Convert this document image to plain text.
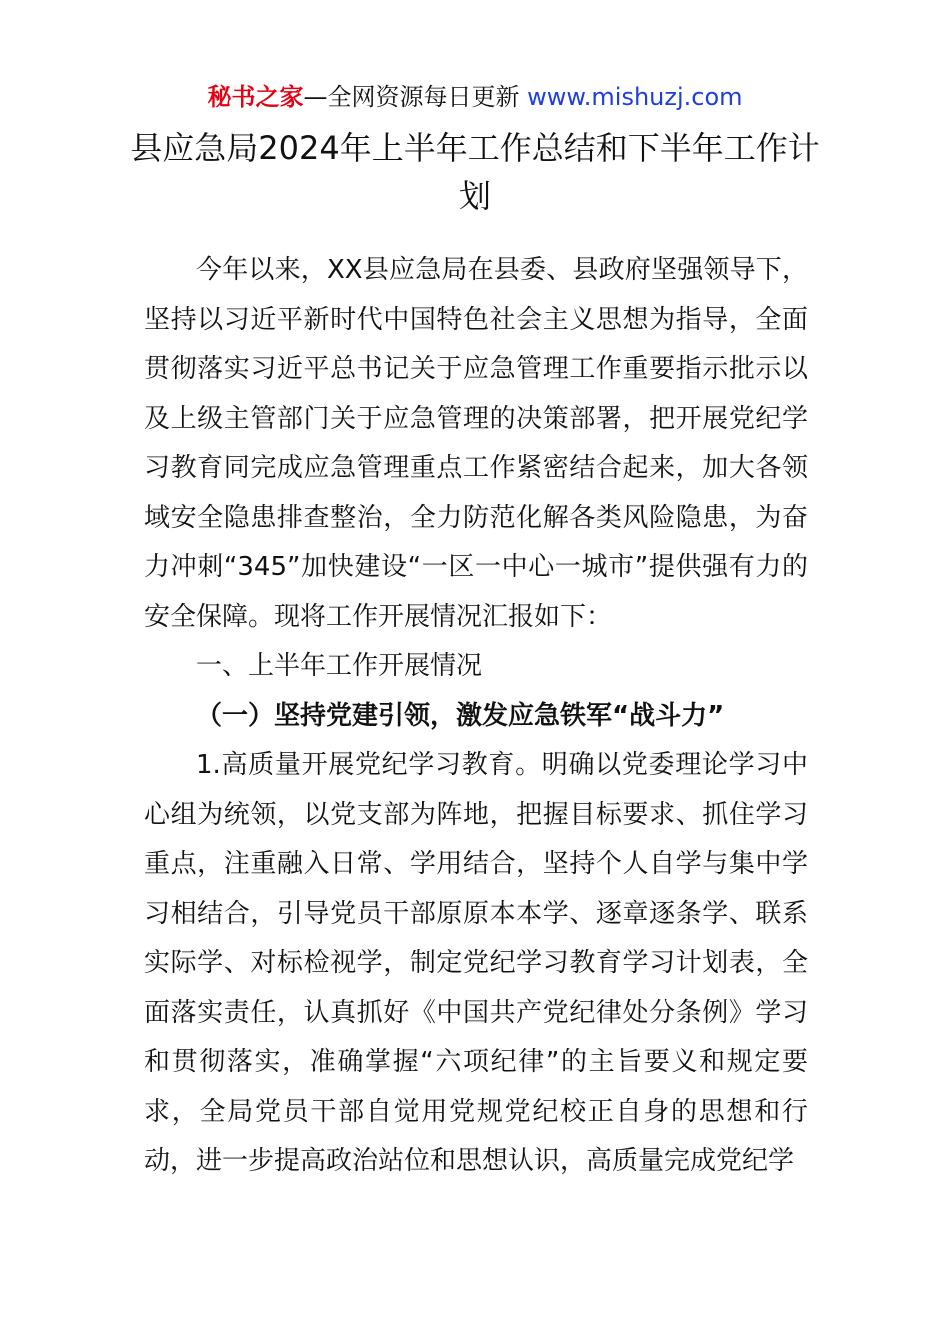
秘书之家—全网资源每日更新 www.mishuzj.com
县应急局2024年上半年工作总结和下半年工作计划

今年以来，XX县应急局在县委、县政府坚强领导下，坚持以习近平新时代中国特色社会主义思想为指导，全面贯彻落实习近平总书记关于应急管理工作重要指示批示以及上级主管部门关于应急管理的决策部署，把开展党纪学习教育同完成应急管理重点工作紧密结合起来，加大各领域安全隐患排查整治，全力防范化解各类风险隐患，为奋力冲刺“345”加快建设“一区一中心一城市”提供强有力的安全保障。现将工作开展情况汇报如下：

一、上半年工作开展情况

（一）坚持党建引领，激发应急铁军“战斗力”

1.高质量开展党纪学习教育。明确以党委理论学习中心组为统领，以党支部为阵地，把握目标要求、抓住学习重点，注重融入日常、学用结合，坚持个人自学与集中学习相结合，引导党员干部原原本本学、逐章逐条学、联系实际学、对标检视学，制定党纪学习教育学习计划表，全面落实责任，认真抓好《中国共产党纪律处分条例》学习和贯彻落实，准确掌握“六项纪律”的主旨要义和规定要求，全局党员干部自觉用党规党纪校正自身的思想和行动，进一步提高政治站位和思想认识，高质量完成党纪学
